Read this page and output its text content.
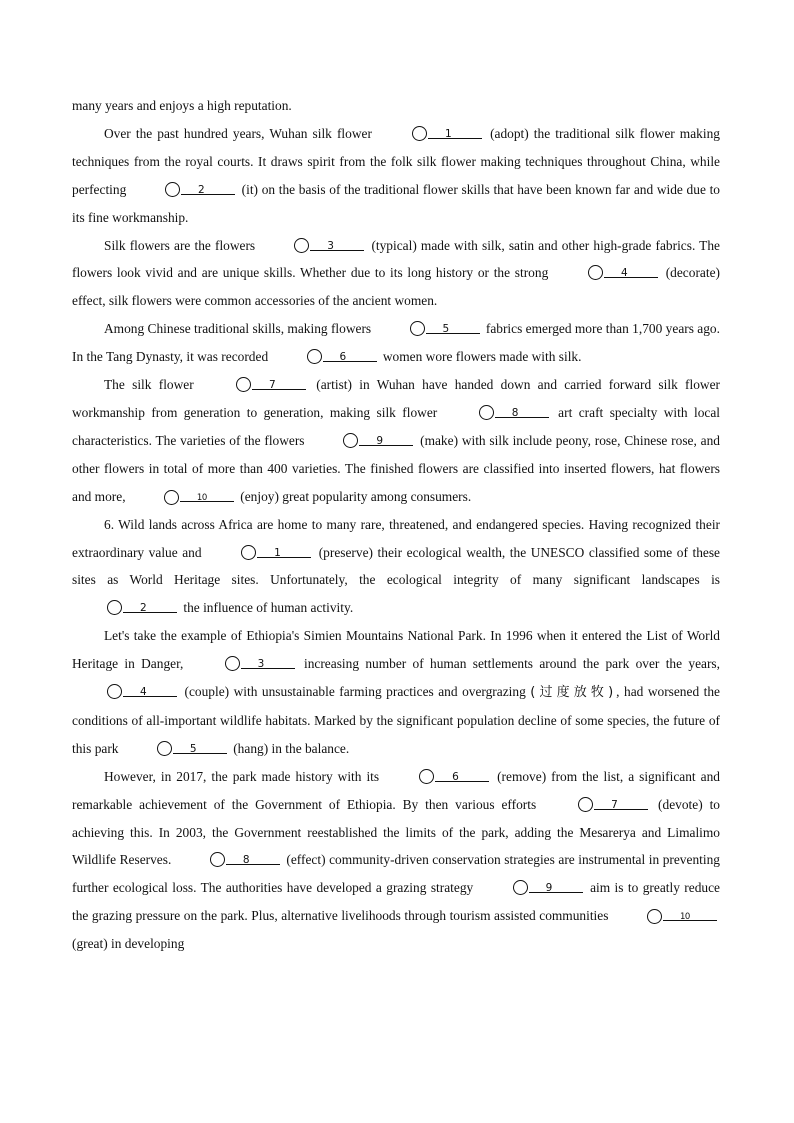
many years and enjoys a high reputation.

Over the past hundred years, Wuhan silk flower	1	(adopt) the traditional silk flower making techniques from the royal courts. It draws spirit from the folk silk flower making techniques throughout China, while perfecting	2	(it) on the basis of the traditional flower skills that have been known far and wide due to its fine workmanship.

Silk flowers are the flowers	3	(typical) made with silk, satin and other high-grade fabrics. The flowers look vivid and are unique skills. Whether due to its long history or the strong	4	(decorate) effect, silk flowers were common accessories of the ancient women.

Among Chinese traditional skills, making flowers	5	fabrics emerged more than 1,700 years ago. In the Tang Dynasty, it was recorded	6	women wore flowers made with silk.

The silk flower	7	(artist) in Wuhan have handed down and carried forward silk flower workmanship from generation to generation, making silk flower	8	art craft specialty with local characteristics. The varieties of the flowers	9	(make) with silk include peony, rose, Chinese rose, and other flowers in total of more than 400 varieties. The finished flowers are classified into inserted flowers, hat flowers and more,	10	(enjoy) great popularity among consumers.

6. Wild lands across Africa are home to many rare, threatened, and endangered species. Having recognized their extraordinary value and	1	(preserve) their ecological wealth, the UNESCO classified some of these sites as World Heritage sites. Unfortunately, the ecological integrity of many significant landscapes is 2	the influence of human activity.

Let's take the example of Ethiopia's Simien Mountains National Park. In 1996 when it entered the List of World Heritage in Danger,	3	increasing number of human settlements around the park over the years, 4	(couple) with unsustainable farming practices and overgrazing (过度放牧), had worsened the conditions of all-important wildlife habitats. Marked by the significant population decline of some species, the future of this park	5	(hang) in the balance.

However, in 2017, the park made history with its	6	(remove) from the list, a significant and remarkable achievement of the Government of Ethiopia. By then various efforts	7	(devote) to achieving this. In 2003, the Government reestablished the limits of the park, adding the Mesarerya and Limalimo Wildlife Reserves.	8	(effect) community-driven conservation strategies are instrumental in preventing further ecological loss. The authorities have developed a grazing strategy	9	aim is to greatly reduce the grazing pressure on the park. Plus, alternative livelihoods through tourism assisted communities	10 (great) in developing
